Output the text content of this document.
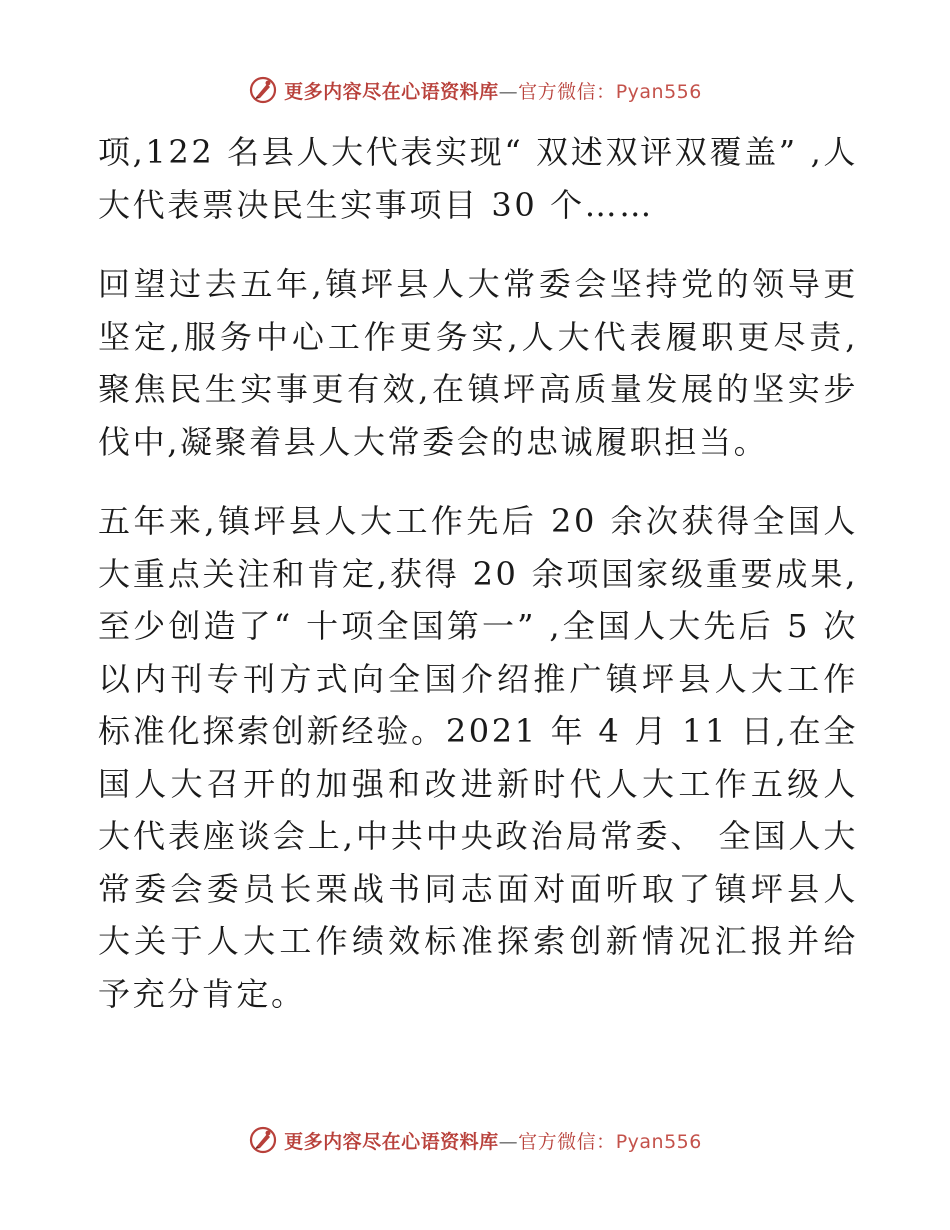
更多内容尽在心语资料库—官方微信：Pyan556

项,122 名县人大代表实现“ 双述双评双覆盖” ,人大代表票决民生实事项目 30 个……

回望过去五年,镇坪县人大常委会坚持党的领导更坚定,服务中心工作更务实,人大代表履职更尽责,聚焦民生实事更有效,在镇坪高质量发展的坚实步伐中,凝聚着县人大常委会的忠诚履职担当。

五年来,镇坪县人大工作先后 20 余次获得全国人大重点关注和肯定,获得 20 余项国家级重要成果,至少创造了“ 十项全国第一” ,全国人大先后 5 次以内刊专刊方式向全国介绍推广镇坪县人大工作标准化探索创新经验。2021 年 4 月 11 日,在全国人大召开的加强和改进新时代人大工作五级人大代表座谈会上,中共中央政治局常委、 全国人大常委会委员长栗战书同志面对面听取了镇坪县人大关于人大工作绩效标准探索创新情况汇报并给予充分肯定。

更多内容尽在心语资料库—官方微信：Pyan556
